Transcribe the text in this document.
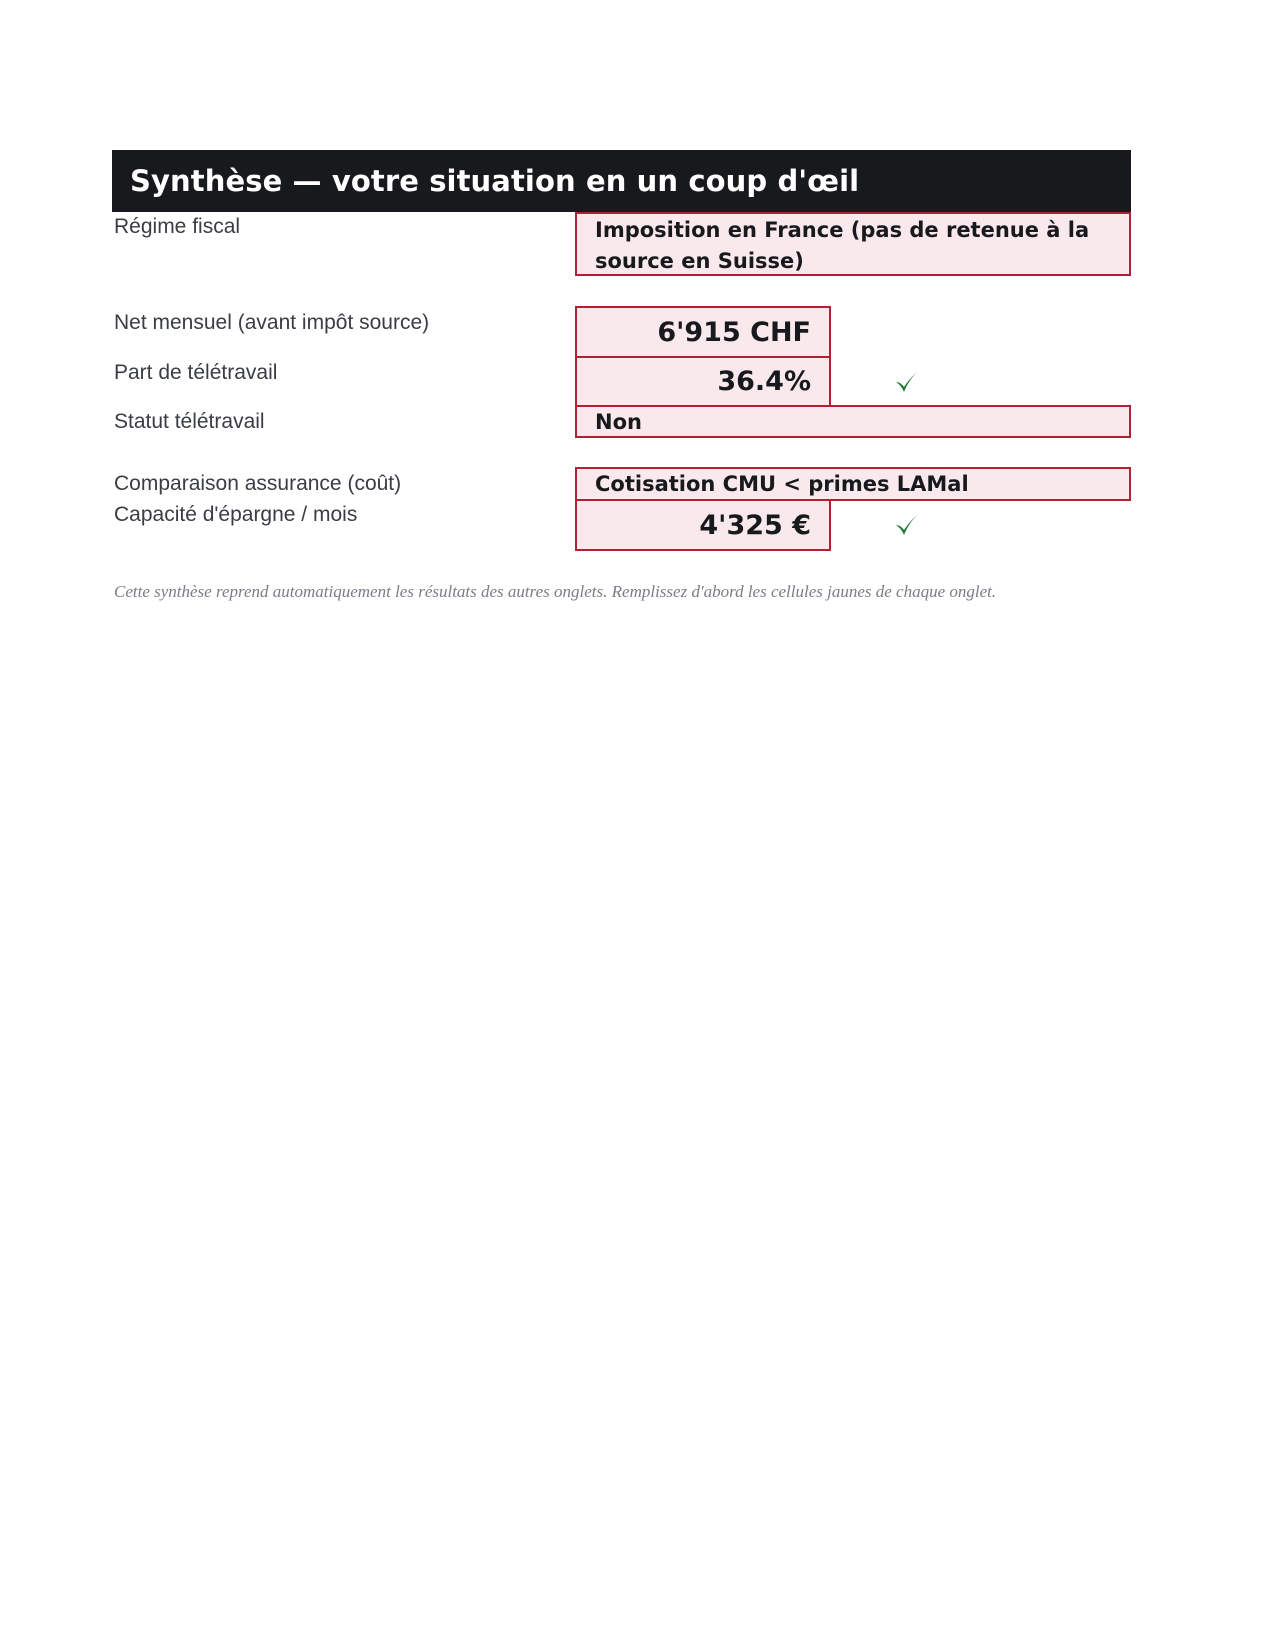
Synthèse — votre situation en un coup d'œil
Régime fiscal	Imposition en France (pas de retenue à la source en Suisse)
Net mensuel (avant impôt source)	6'915 CHF
Part de télétravail	36.4%
Statut télétravail	Non
Comparaison assurance (coût)	Cotisation CMU < primes LAMal
Capacité d'épargne / mois	4'325 €
Cette synthèse reprend automatiquement les résultats des autres onglets. Remplissez d'abord les cellules jaunes de chaque onglet.
